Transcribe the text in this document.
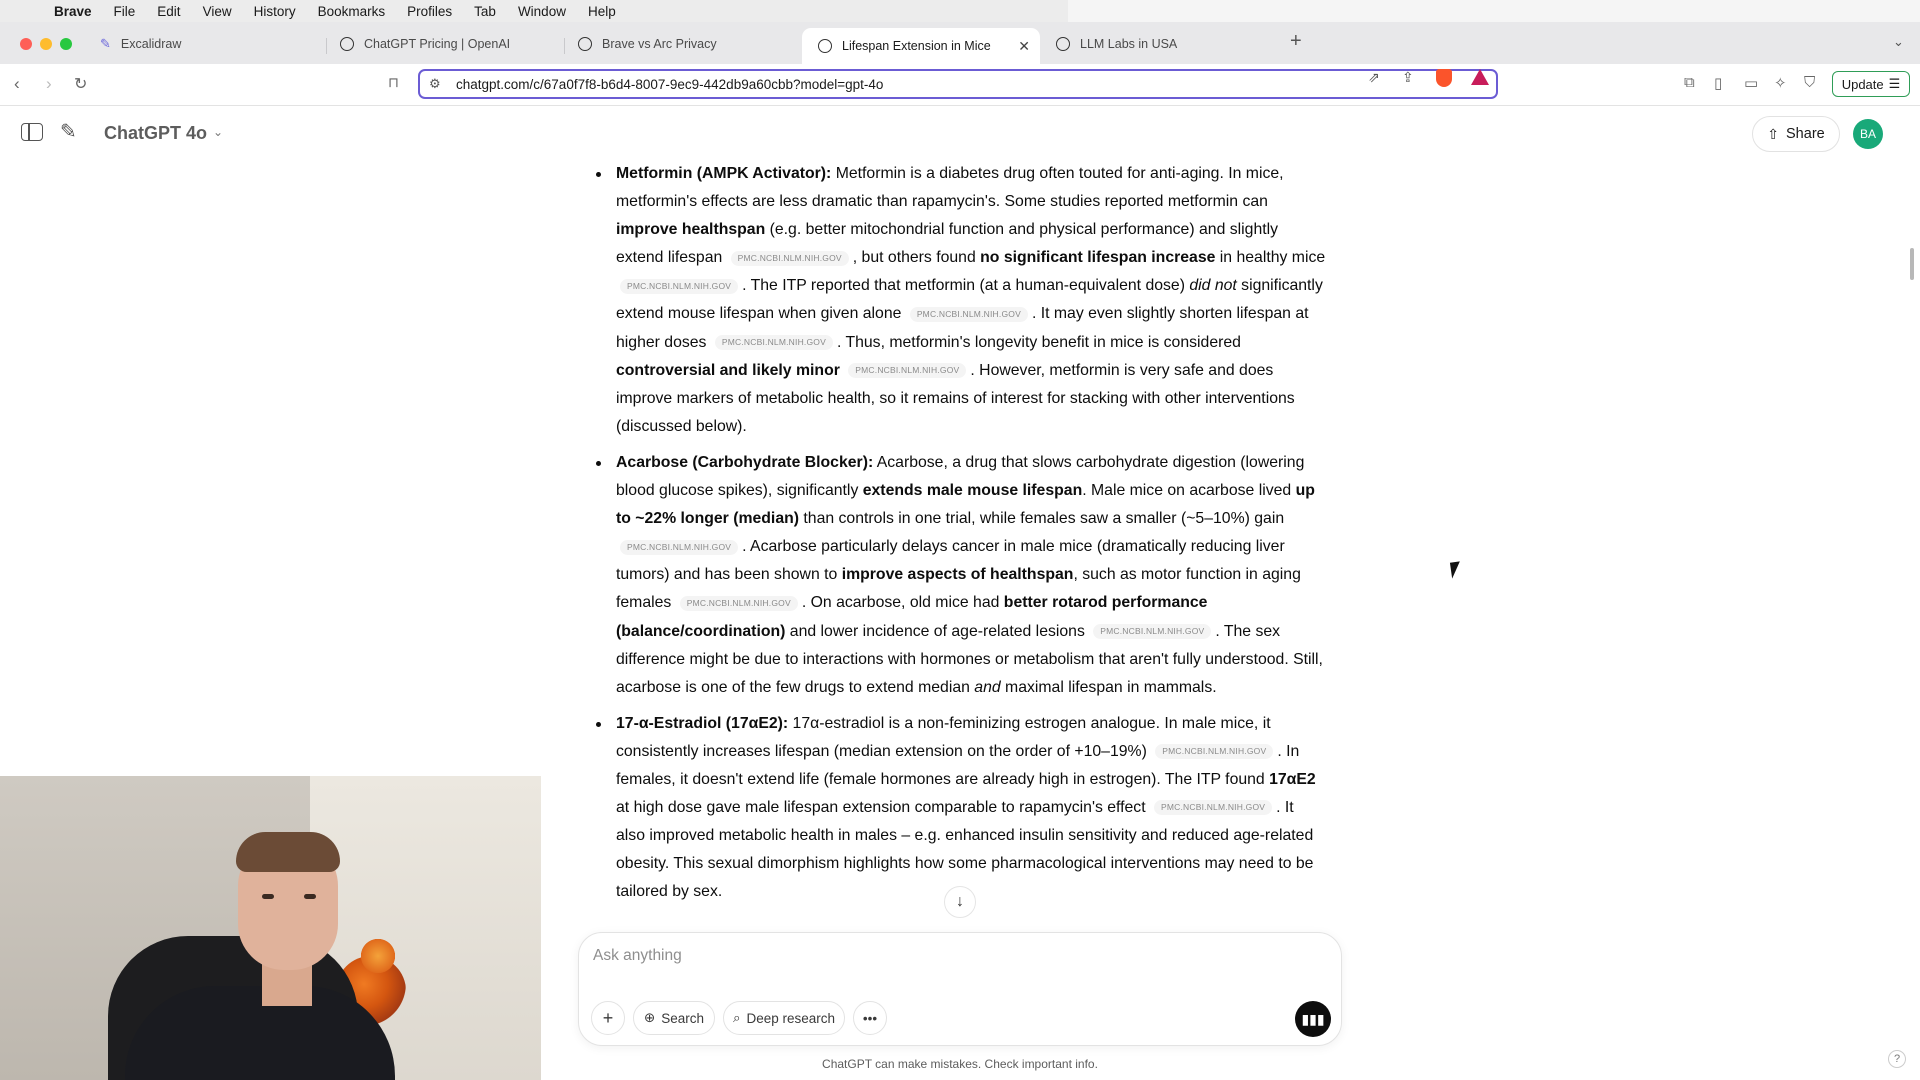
Brave File Edit View History Bookmarks Profiles Tab Window Help
✎ Excalidraw	ChatGPT Pricing | OpenAI	Brave vs Arc Privacy	Lifespan Extension in Mice ✕	LLM Labs in USA	+	⌄
‹ › ↻	⊓ ⚙ chatgpt.com/c/67a0f7f8-b6d4-8007-9ec9-442db9a60cbb?model=gpt-4o	⇗ ⇪	⧉ ▯ ▭ ✧ ⛉ Update ☰
✎ ChatGPT 4o ⌄	⇧ Share	BA
Metformin (AMPK Activator): Metformin is a diabetes drug often touted for anti-aging. In mice, metformin's effects are less dramatic than rapamycin's. Some studies reported metformin can improve healthspan (e.g. better mitochondrial function and physical performance) and slightly extend lifespan PMC.NCBI.NLM.NIH.GOV , but others found no significant lifespan increase in healthy mice PMC.NCBI.NLM.NIH.GOV . The ITP reported that metformin (at a human-equivalent dose) did not significantly extend mouse lifespan when given alone PMC.NCBI.NLM.NIH.GOV . It may even slightly shorten lifespan at higher doses PMC.NCBI.NLM.NIH.GOV . Thus, metformin's longevity benefit in mice is considered controversial and likely minor PMC.NCBI.NLM.NIH.GOV . However, metformin is very safe and does improve markers of metabolic health, so it remains of interest for stacking with other interventions (discussed below).
Acarbose (Carbohydrate Blocker): Acarbose, a drug that slows carbohydrate digestion (lowering blood glucose spikes), significantly extends male mouse lifespan. Male mice on acarbose lived up to ~22% longer (median) than controls in one trial, while females saw a smaller (~5–10%) gain PMC.NCBI.NLM.NIH.GOV . Acarbose particularly delays cancer in male mice (dramatically reducing liver tumors) and has been shown to improve aspects of healthspan, such as motor function in aging females PMC.NCBI.NLM.NIH.GOV . On acarbose, old mice had better rotarod performance (balance/coordination) and lower incidence of age-related lesions PMC.NCBI.NLM.NIH.GOV . The sex difference might be due to interactions with hormones or metabolism that aren't fully understood. Still, acarbose is one of the few drugs to extend median and maximal lifespan in mammals.
17-α-Estradiol (17αE2): 17α-estradiol is a non-feminizing estrogen analogue. In male mice, it consistently increases lifespan (median extension on the order of +10–19%) PMC.NCBI.NLM.NIH.GOV . In females, it doesn't extend life (female hormones are already high in estrogen). The ITP found 17αE2 at high dose gave male lifespan extension comparable to rapamycin's effect PMC.NCBI.NLM.NIH.GOV . It also improved metabolic health in males – e.g. enhanced insulin sensitivity and reduced age-related obesity. This sexual dimorphism highlights how some pharmacological interventions may need to be tailored by sex.
↓
Ask anything
+ ⊕ Search ⌕ Deep research •••	▮▮▮
ChatGPT can make mistakes. Check important info.	?
